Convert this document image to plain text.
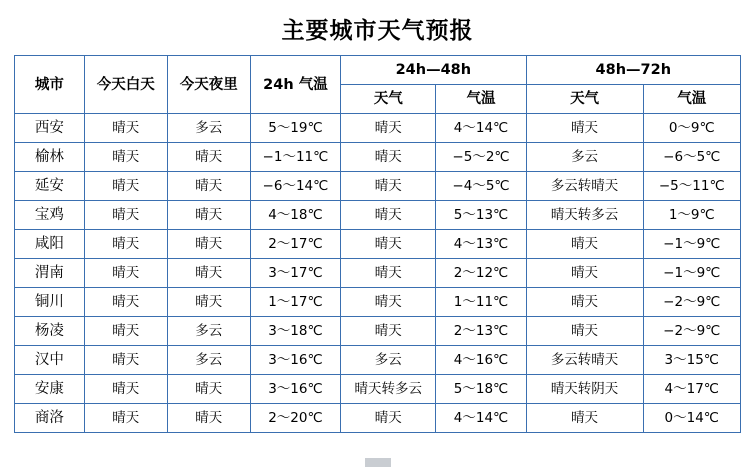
主要城市天气预报
城市	今天白天	今天夜里	24h 气温	24h—48h		48h—72h	
				天气	气温	天气	气温
西安	晴天	多云	5～19℃	晴天	4～14℃	晴天	0～9℃
榆林	晴天	晴天	−1～11℃	晴天	−5～2℃	多云	−6～5℃
延安	晴天	晴天	−6～14℃	晴天	−4～5℃	多云转晴天	−5～11℃
宝鸡	晴天	晴天	4～18℃	晴天	5～13℃	晴天转多云	1～9℃
咸阳	晴天	晴天	2～17℃	晴天	4～13℃	晴天	−1～9℃
渭南	晴天	晴天	3～17℃	晴天	2～12℃	晴天	−1～9℃
铜川	晴天	晴天	1～17℃	晴天	1～11℃	晴天	−2～9℃
杨凌	晴天	多云	3～18℃	晴天	2～13℃	晴天	−2～9℃
汉中	晴天	多云	3～16℃	多云	4～16℃	多云转晴天	3～15℃
安康	晴天	晴天	3～16℃	晴天转多云	5～18℃	晴天转阴天	4～17℃
商洛	晴天	晴天	2～20℃	晴天	4～14℃	晴天	0～14℃
